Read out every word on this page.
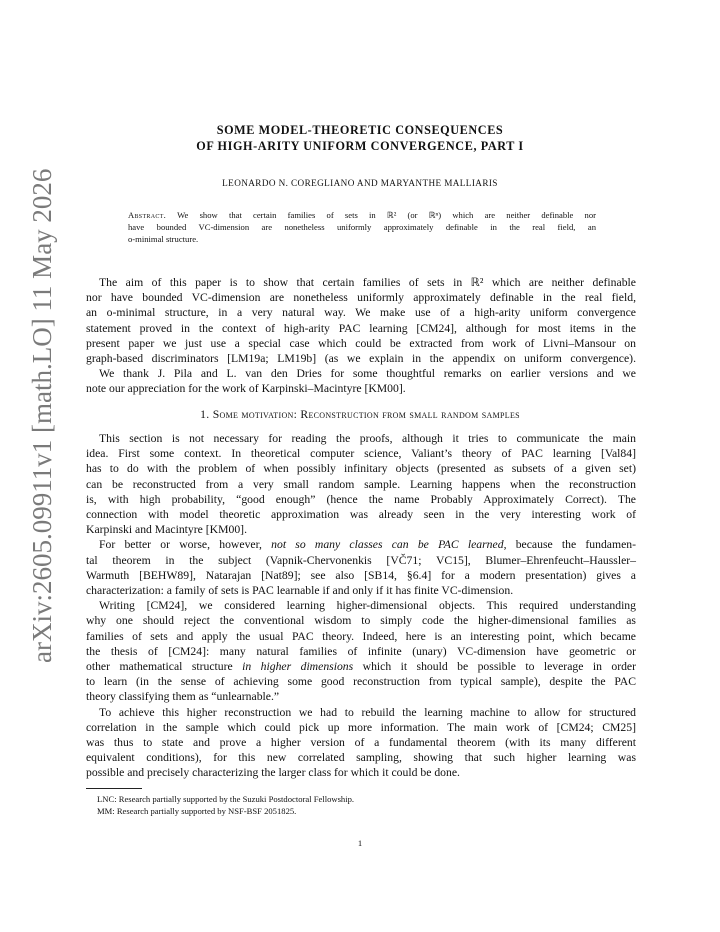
arXiv:2605.09911v1 [math.LO] 11 May 2026
SOME MODEL-THEORETIC CONSEQUENCES
OF HIGH-ARITY UNIFORM CONVERGENCE, PART I
LEONARDO N. COREGLIANO AND MARYANTHE MALLIARIS
Abstract. We show that certain families of sets in ℝ² (or ℝⁿ) which are neither definable nor
have bounded VC-dimension are nonetheless uniformly approximately definable in the real field, an
o-minimal structure.
The aim of this paper is to show that certain families of sets in ℝ² which are neither definable
nor have bounded VC-dimension are nonetheless uniformly approximately definable in the real field,
an o-minimal structure, in a very natural way. We make use of a high-arity uniform convergence
statement proved in the context of high-arity PAC learning [CM24], although for most items in the
present paper we just use a special case which could be extracted from work of Livni–Mansour on
graph-based discriminators [LM19a; LM19b] (as we explain in the appendix on uniform convergence).
We thank J. Pila and L. van den Dries for some thoughtful remarks on earlier versions and we
note our appreciation for the work of Karpinski–Macintyre [KM00].
1. Some motivation: Reconstruction from small random samples
This section is not necessary for reading the proofs, although it tries to communicate the main
idea. First some context. In theoretical computer science, Valiant’s theory of PAC learning [Val84]
has to do with the problem of when possibly infinitary objects (presented as subsets of a given set)
can be reconstructed from a very small random sample. Learning happens when the reconstruction
is, with high probability, “good enough” (hence the name Probably Approximately Correct). The
connection with model theoretic approximation was already seen in the very interesting work of
Karpinski and Macintyre [KM00].
For better or worse, however, not so many classes can be PAC learned, because the fundamen-
tal theorem in the subject (Vapnik-Chervonenkis [VČ71; VC15], Blumer–Ehrenfeucht–Haussler–
Warmuth [BEHW89], Natarajan [Nat89]; see also [SB14, §6.4] for a modern presentation) gives a
characterization: a family of sets is PAC learnable if and only if it has finite VC-dimension.
Writing [CM24], we considered learning higher-dimensional objects. This required understanding
why one should reject the conventional wisdom to simply code the higher-dimensional families as
families of sets and apply the usual PAC theory. Indeed, here is an interesting point, which became
the thesis of [CM24]: many natural families of infinite (unary) VC-dimension have geometric or
other mathematical structure in higher dimensions which it should be possible to leverage in order
to learn (in the sense of achieving some good reconstruction from typical sample), despite the PAC
theory classifying them as “unlearnable.”
To achieve this higher reconstruction we had to rebuild the learning machine to allow for structured
correlation in the sample which could pick up more information. The main work of [CM24; CM25]
was thus to state and prove a higher version of a fundamental theorem (with its many different
equivalent conditions), for this new correlated sampling, showing that such higher learning was
possible and precisely characterizing the larger class for which it could be done.
LNC: Research partially supported by the Suzuki Postdoctoral Fellowship.
MM: Research partially supported by NSF-BSF 2051825.
1
